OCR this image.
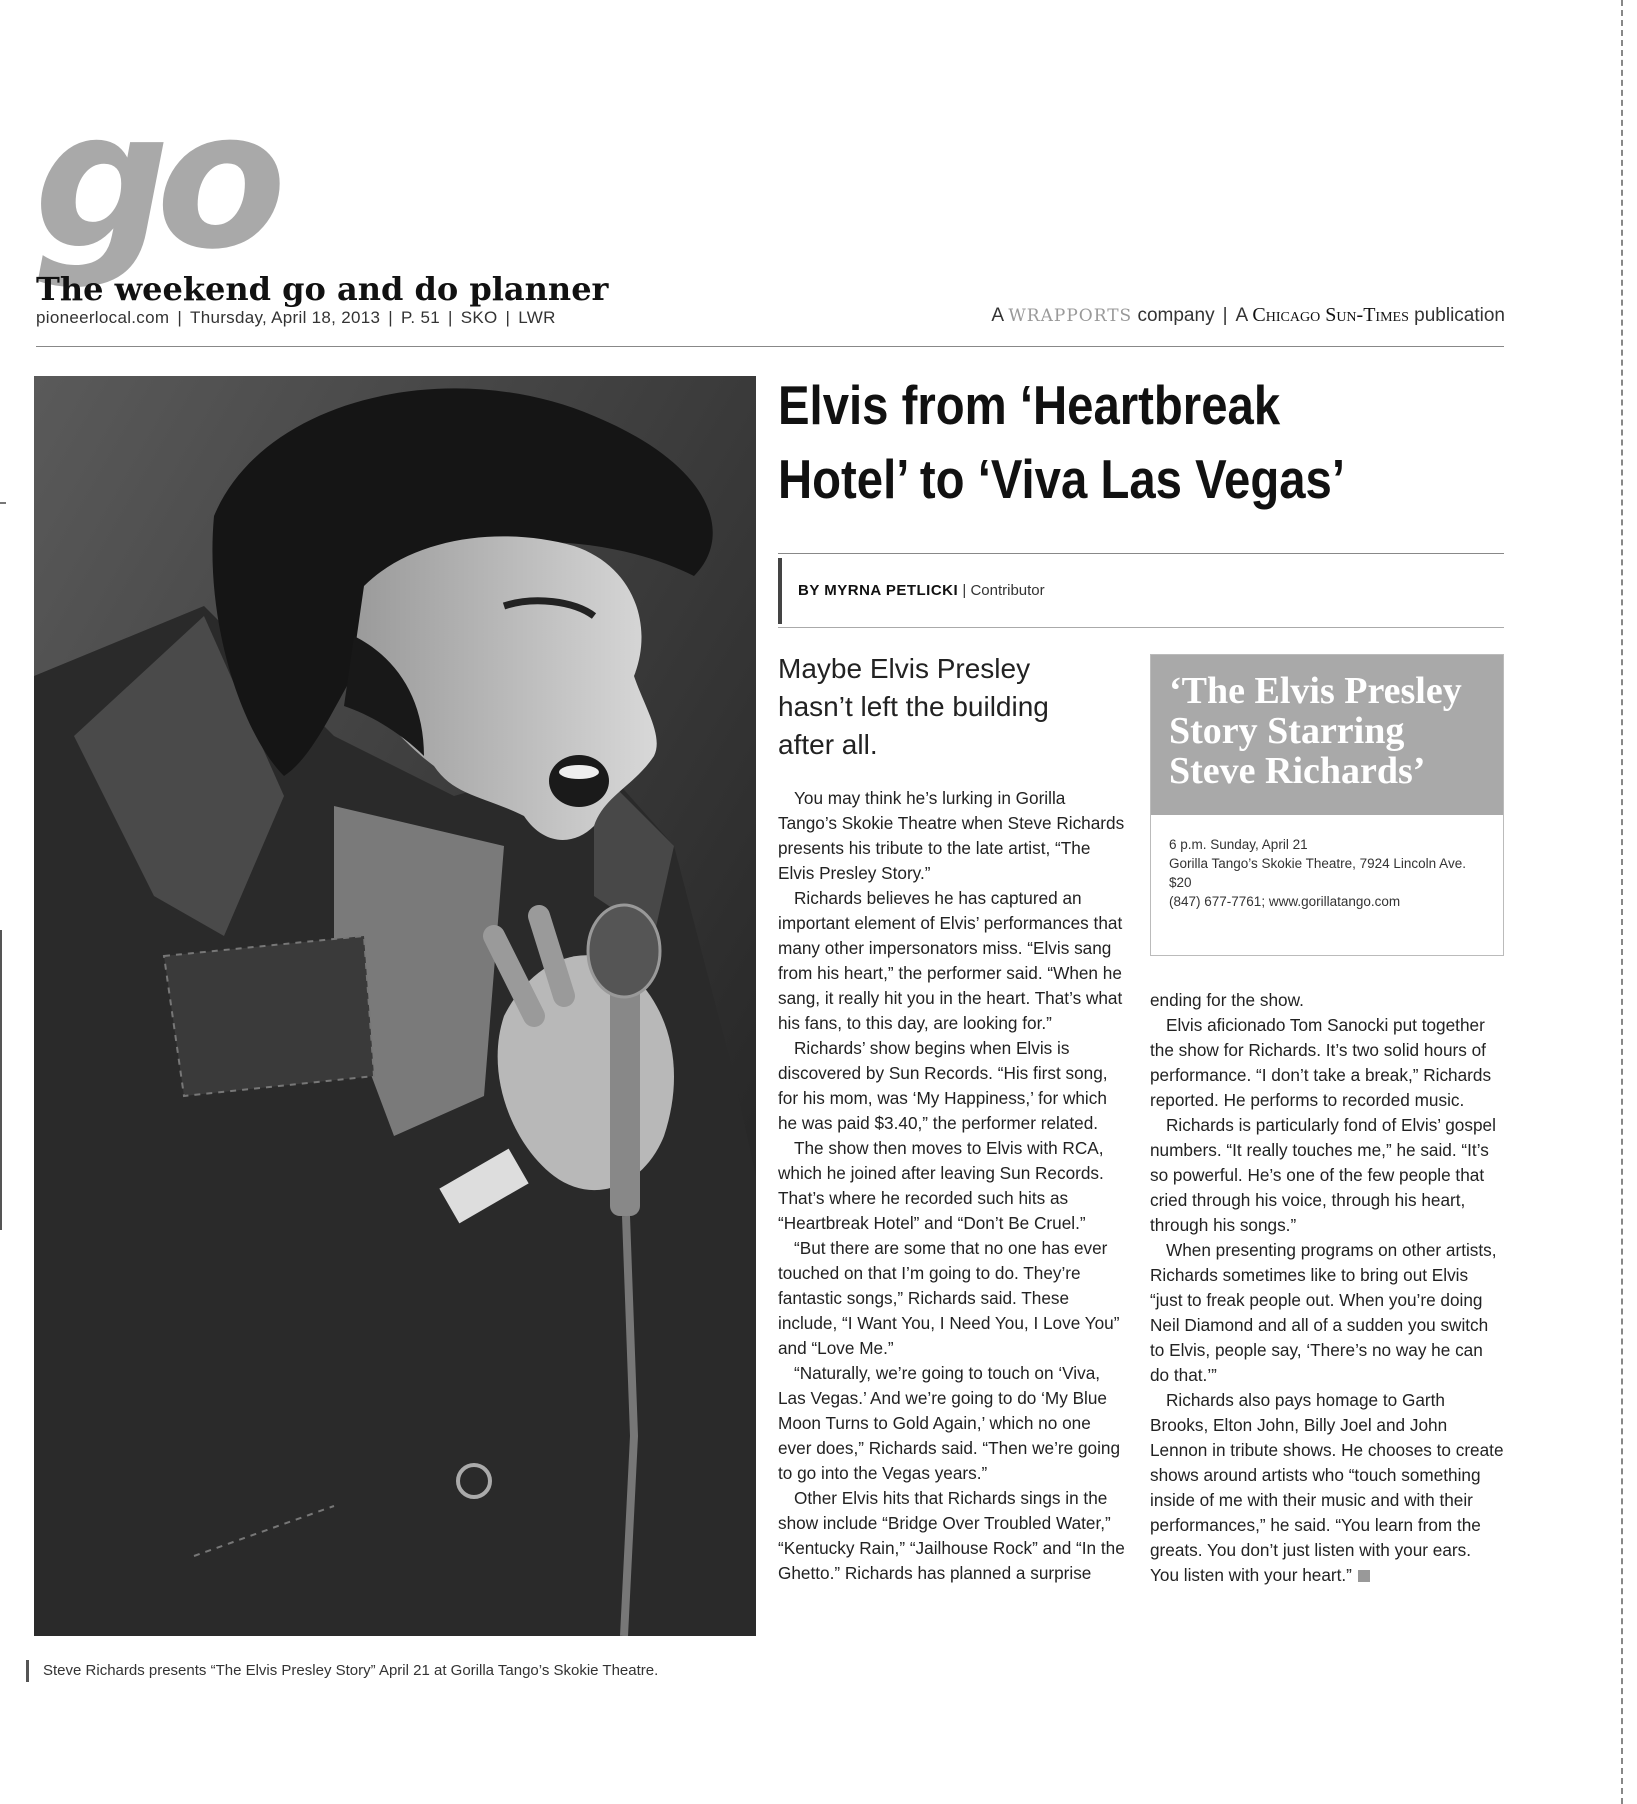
go
The weekend go and do planner
pioneerlocal.com | Thursday, April 18, 2013 | P. 51 | SKO | LWR	A WRAPPORTS company | A Chicago Sun-Times publication
Steve Richards presents “The Elvis Presley Story” April 21 at Gorilla Tango’s Skokie Theatre.
Elvis from ‘Heartbreak
Hotel’ to ‘Viva Las Vegas’
BY MYRNA PETLICKI | Contributor
Maybe Elvis Presley hasn’t left the building after all.

You may think he’s lurking in Gorilla Tango’s Skokie Theatre when Steve Richards presents his tribute to the late artist, “The Elvis Presley Story.”

Richards believes he has captured an important element of Elvis’ performances that many other impersonators miss. “Elvis sang from his heart,” the performer said. “When he sang, it really hit you in the heart. That’s what his fans, to this day, are looking for.”

Richards’ show begins when Elvis is discovered by Sun Records. “His first song, for his mom, was ‘My Happiness,’ for which he was paid $3.40,” the performer related.

The show then moves to Elvis with RCA, which he joined after leaving Sun Records. That’s where he recorded such hits as “Heartbreak Hotel” and “Don’t Be Cruel.”

“But there are some that no one has ever touched on that I’m going to do. They’re fantastic songs,” Richards said. These include, “I Want You, I Need You, I Love You” and “Love Me.”

“Naturally, we’re going to touch on ‘Viva, Las Vegas.’ And we’re going to do ‘My Blue Moon Turns to Gold Again,’ which no one ever does,” Richards said. “Then we’re going to go into the Vegas years.”

Other Elvis hits that Richards sings in the show include “Bridge Over Troubled Water,” “Kentucky Rain,” “Jailhouse Rock” and “In the Ghetto.” Richards has planned a surprise

‘The Elvis Presley Story Starring Steve Richards’
6 p.m. Sunday, April 21
Gorilla Tango’s Skokie Theatre, 7924 Lincoln Ave.
$20
(847) 677-7761; www.gorillatango.com

ending for the show.

Elvis aficionado Tom Sanocki put together the show for Richards. It’s two solid hours of performance. “I don’t take a break,” Richards reported. He performs to recorded music.

Richards is particularly fond of Elvis’ gospel numbers. “It really touches me,” he said. “It’s so powerful. He’s one of the few people that cried through his voice, through his heart, through his songs.”

When presenting programs on other artists, Richards sometimes like to bring out Elvis “just to freak people out. When you’re doing Neil Diamond and all of a sudden you switch to Elvis, people say, ‘There’s no way he can do that.’”

Richards also pays homage to Garth Brooks, Elton John, Billy Joel and John Lennon in tribute shows. He chooses to create shows around artists who “touch something inside of me with their music and with their performances,” he said. “You learn from the greats. You don’t just listen with your ears. You listen with your heart.”
